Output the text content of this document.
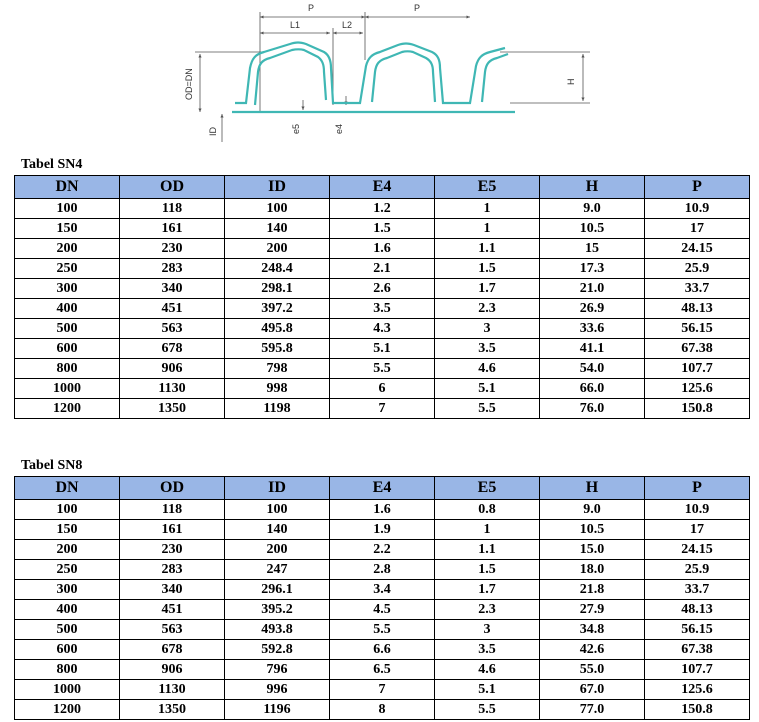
P	P
L1	L2
H
OD=DN
ID	e5	e4
Tabel SN4
DN	OD	ID	E4	E5	H	P
100	118	100	1.2	1	9.0	10.9
150	161	140	1.5	1	10.5	17
200	230	200	1.6	1.1	15	24.15
250	283	248.4	2.1	1.5	17.3	25.9
300	340	298.1	2.6	1.7	21.0	33.7
400	451	397.2	3.5	2.3	26.9	48.13
500	563	495.8	4.3	3	33.6	56.15
600	678	595.8	5.1	3.5	41.1	67.38
800	906	798	5.5	4.6	54.0	107.7
1000	1130	998	6	5.1	66.0	125.6
1200	1350	1198	7	5.5	76.0	150.8
Tabel SN8
DN	OD	ID	E4	E5	H	P
100	118	100	1.6	0.8	9.0	10.9
150	161	140	1.9	1	10.5	17
200	230	200	2.2	1.1	15.0	24.15
250	283	247	2.8	1.5	18.0	25.9
300	340	296.1	3.4	1.7	21.8	33.7
400	451	395.2	4.5	2.3	27.9	48.13
500	563	493.8	5.5	3	34.8	56.15
600	678	592.8	6.6	3.5	42.6	67.38
800	906	796	6.5	4.6	55.0	107.7
1000	1130	996	7	5.1	67.0	125.6
1200	1350	1196	8	5.5	77.0	150.8
